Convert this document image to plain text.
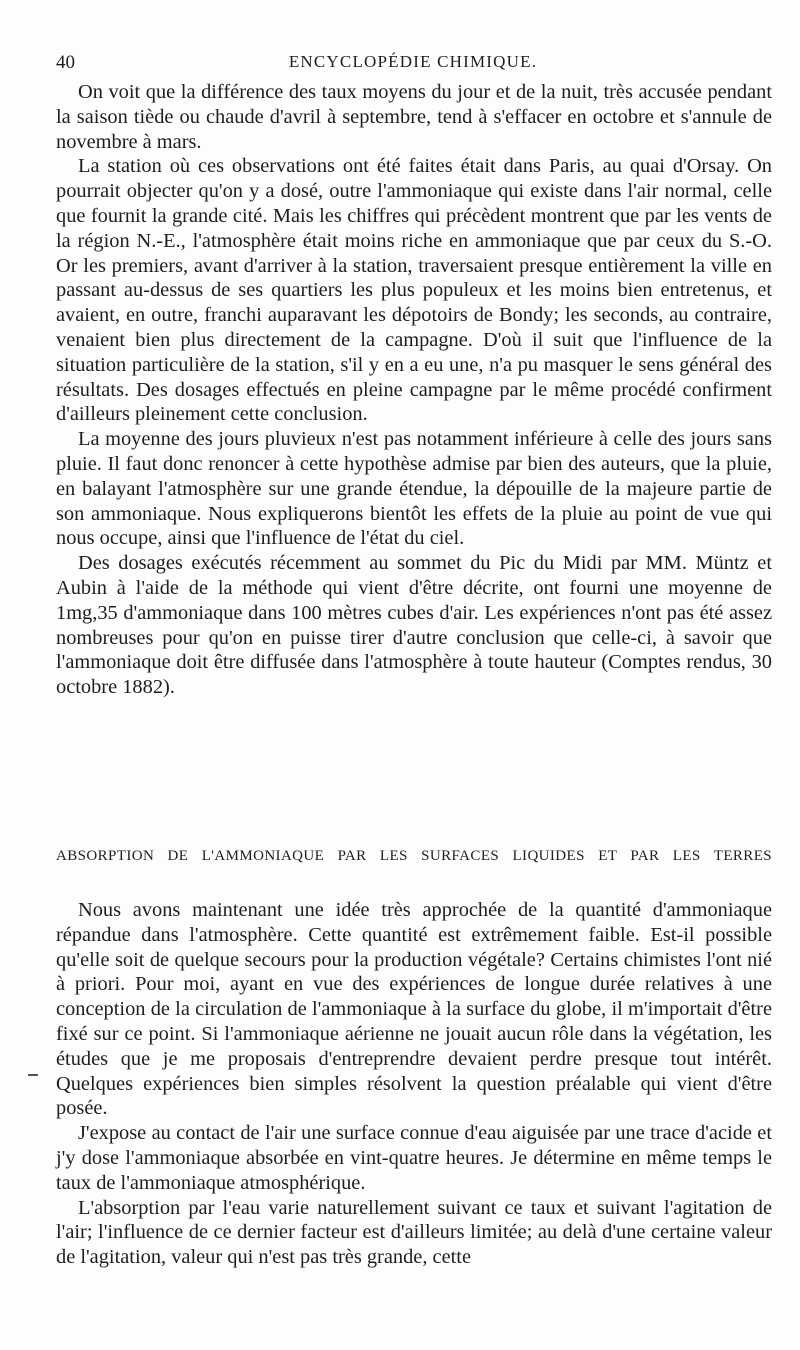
40	ENCYCLOPÉDIE CHIMIQUE.

On voit que la différence des taux moyens du jour et de la nuit, très accusée pendant la saison tiède ou chaude d'avril à septembre, tend à s'effacer en octobre et s'annule de novembre à mars.

La station où ces observations ont été faites était dans Paris, au quai d'Orsay. On pourrait objecter qu'on y a dosé, outre l'ammoniaque qui existe dans l'air normal, celle que fournit la grande cité. Mais les chiffres qui précèdent montrent que par les vents de la région N.-E., l'atmosphère était moins riche en ammoniaque que par ceux du S.-O. Or les premiers, avant d'arriver à la station, traversaient presque entièrement la ville en passant au-dessus de ses quartiers les plus populeux et les moins bien entretenus, et avaient, en outre, franchi auparavant les dépotoirs de Bondy; les seconds, au contraire, venaient bien plus directement de la campagne. D'où il suit que l'influence de la situation particulière de la station, s'il y en a eu une, n'a pu masquer le sens général des résultats. Des dosages effectués en pleine campagne par le même procédé confirment d'ailleurs pleinement cette conclusion.

La moyenne des jours pluvieux n'est pas notamment inférieure à celle des jours sans pluie. Il faut donc renoncer à cette hypothèse admise par bien des auteurs, que la pluie, en balayant l'atmosphère sur une grande étendue, la dépouille de la majeure partie de son ammoniaque. Nous expliquerons bientôt les effets de la pluie au point de vue qui nous occupe, ainsi que l'influence de l'état du ciel.

Des dosages exécutés récemment au sommet du Pic du Midi par MM. Müntz et Aubin à l'aide de la méthode qui vient d'être décrite, ont fourni une moyenne de 1mg,35 d'ammoniaque dans 100 mètres cubes d'air. Les expériences n'ont pas été assez nombreuses pour qu'on en puisse tirer d'autre conclusion que celle-ci, à savoir que l'ammoniaque doit être diffusée dans l'atmosphère à toute hauteur (Comptes rendus, 30 octobre 1882).

ABSORPTION DE L'AMMONIAQUE PAR LES SURFACES LIQUIDES ET PAR LES TERRES

Nous avons maintenant une idée très approchée de la quantité d'ammoniaque répandue dans l'atmosphère. Cette quantité est extrêmement faible. Est-il possible qu'elle soit de quelque secours pour la production végétale? Certains chimistes l'ont nié à priori. Pour moi, ayant en vue des expériences de longue durée relatives à une conception de la circulation de l'ammoniaque à la surface du globe, il m'importait d'être fixé sur ce point. Si l'ammoniaque aérienne ne jouait aucun rôle dans la végétation, les études que je me proposais d'entreprendre devaient perdre presque tout intérêt. Quelques expériences bien simples résolvent la question préalable qui vient d'être posée.

J'expose au contact de l'air une surface connue d'eau aiguisée par une trace d'acide et j'y dose l'ammoniaque absorbée en vint-quatre heures. Je détermine en même temps le taux de l'ammoniaque atmosphérique.

L'absorption par l'eau varie naturellement suivant ce taux et suivant l'agitation de l'air; l'influence de ce dernier facteur est d'ailleurs limitée; au delà d'une certaine valeur de l'agitation, valeur qui n'est pas très grande, cette
